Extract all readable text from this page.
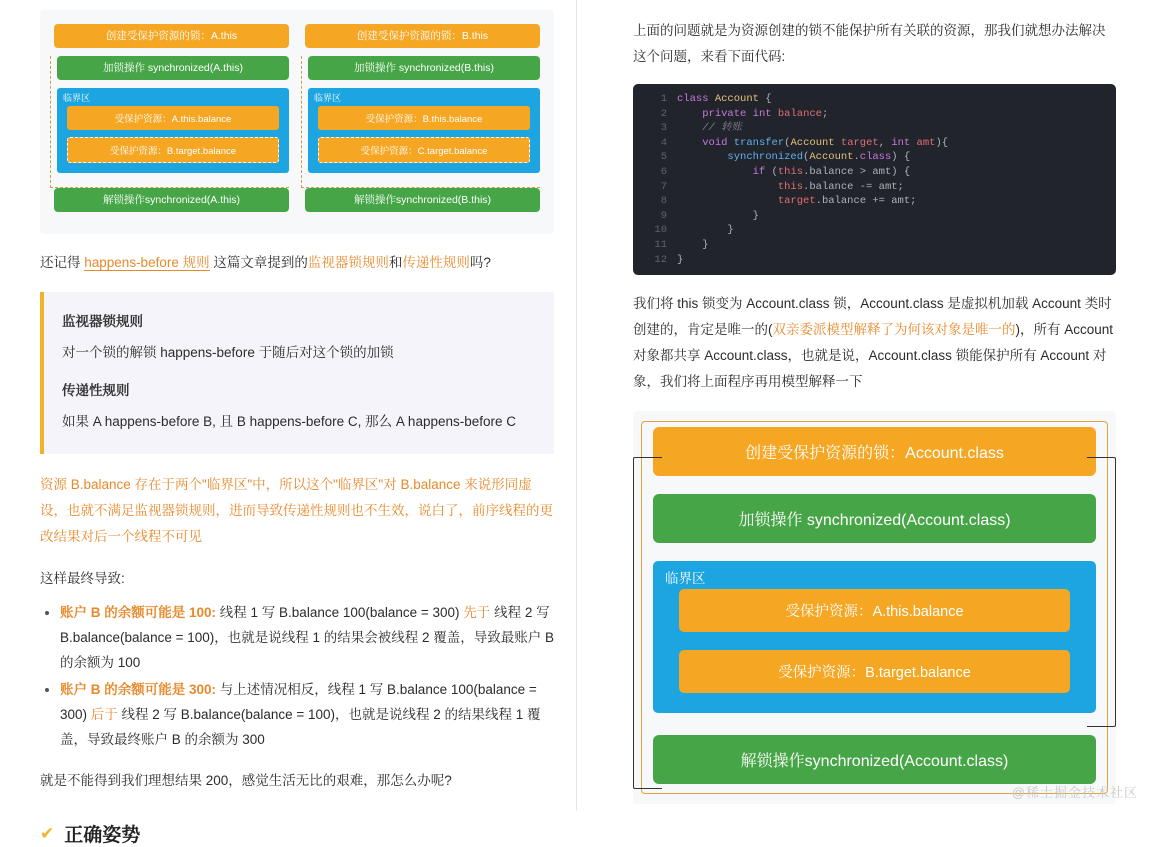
创建受保护资源的锁：A.this
加锁操作 synchronized(A.this)
临界区
受保护资源：A.this.balance
受保护资源：B.target.balance
解锁操作synchronized(A.this)
创建受保护资源的锁：B.this
加锁操作 synchronized(B.this)
临界区
受保护资源：B.this.balance
受保护资源：C.target.balance
解锁操作synchronized(B.this)

还记得 happens-before 规则 这篇文章提到的监视器锁规则和传递性规则吗?

监视器锁规则

对一个锁的解锁 happens-before 于随后对这个锁的加锁

传递性规则

如果 A happens-before B, 且 B happens-before C, 那么 A happens-before C

资源 B.balance 存在于两个"临界区"中，所以这个"临界区"对 B.balance 来说形同虚设，也就不满足监视器锁规则，进而导致传递性规则也不生效，说白了，前序线程的更改结果对后一个线程不可见

这样最终导致:

• 账户 B 的余额可能是 100: 线程 1 写 B.balance 100(balance = 300) 先于 线程 2 写 B.balance(balance = 100)，也就是说线程 1 的结果会被线程 2 覆盖，导致最账户 B 的余额为 100
• 账户 B 的余额可能是 300: 与上述情况相反，线程 1 写 B.balance 100(balance = 300) 后于 线程 2 写 B.balance(balance = 100)，也就是说线程 2 的结果线程 1 覆盖，导致最终账户 B 的余额为 300

就是不能得到我们理想结果 200，感觉生活无比的艰难，那怎么办呢?

✔ 正确姿势

上面的问题就是为资源创建的锁不能保护所有关联的资源，那我们就想办法解决这个问题，来看下面代码:

1 class Account {
2	private int balance;
3	// 转账
4	void transfer(Account target, int amt){
5	synchronized(Account.class) {
6	if (this.balance > amt) {
7	this.balance -= amt;
8	target.balance += amt;
9 }
10 }
11 }
12 }

我们将 this 锁变为 Account.class 锁，Account.class 是虚拟机加载 Account 类时创建的，肯定是唯一的(双亲委派模型解释了为何该对象是唯一的)，所有 Account 对象都共享 Account.class，也就是说，Account.class 锁能保护所有 Account 对象，我们将上面程序再用模型解释一下

创建受保护资源的锁：Account.class
加锁操作 synchronized(Account.class)
临界区
受保护资源：A.this.balance
受保护资源：B.target.balance
解锁操作synchronized(Account.class)
@稀土掘金技术社区
